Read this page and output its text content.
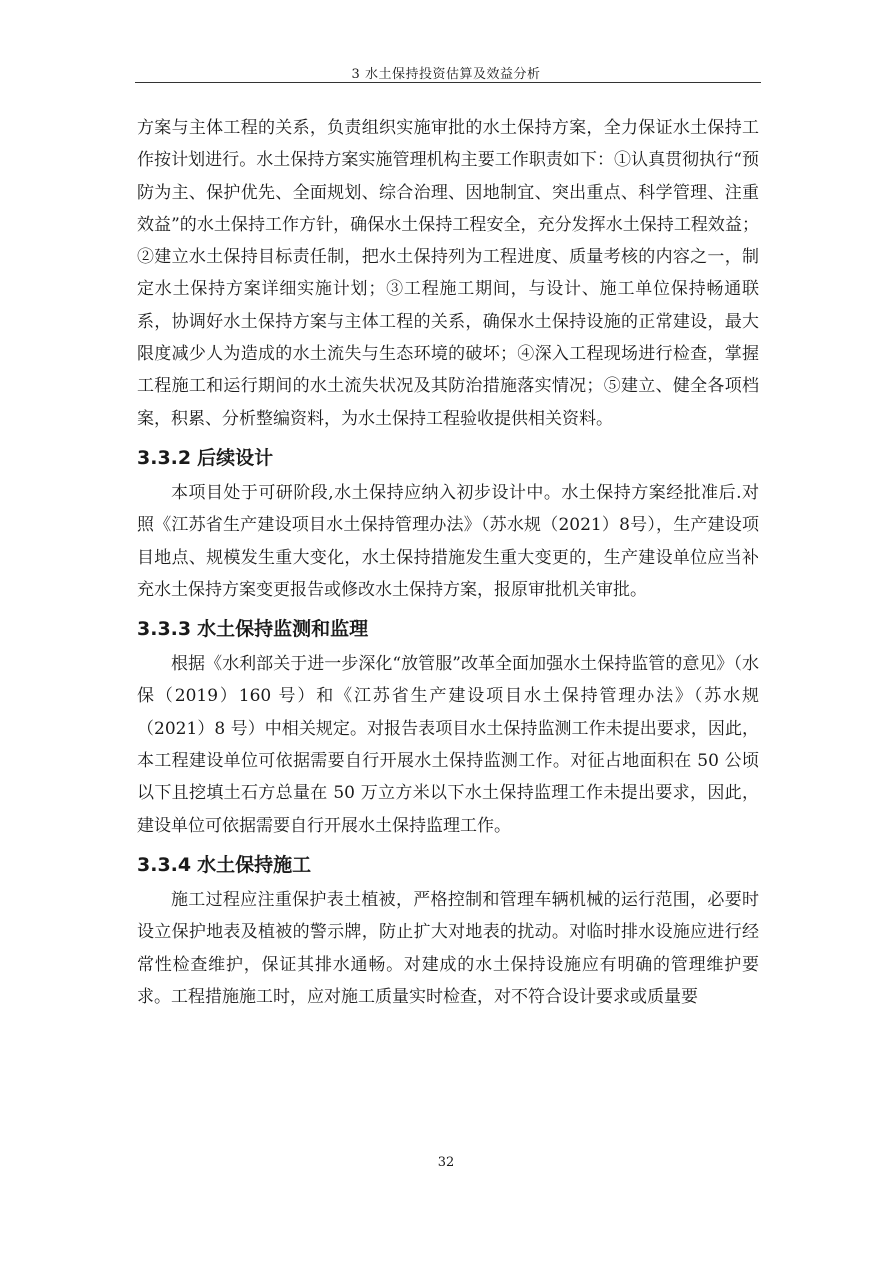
3 水土保持投资估算及效益分析

方案与主体工程的关系，负责组织实施审批的水土保持方案，全力保证水土保持工作按计划进行。水土保持方案实施管理机构主要工作职责如下：①认真贯彻执行“预防为主、保护优先、全面规划、综合治理、因地制宜、突出重点、科学管理、注重效益”的水土保持工作方针，确保水土保持工程安全，充分发挥水土保持工程效益；②建立水土保持目标责任制，把水土保持列为工程进度、质量考核的内容之一，制定水土保持方案详细实施计划；③工程施工期间，与设计、施工单位保持畅通联系，协调好水土保持方案与主体工程的关系，确保水土保持设施的正常建设，最大限度减少人为造成的水土流失与生态环境的破坏；④深入工程现场进行检查，掌握工程施工和运行期间的水土流失状况及其防治措施落实情况；⑤建立、健全各项档案，积累、分析整编资料，为水土保持工程验收提供相关资料。

3.3.2 后续设计

本项目处于可研阶段,水土保持应纳入初步设计中。水土保持方案经批准后.对照《江苏省生产建设项目水土保持管理办法》（苏水规（2021）8号），生产建设项目地点、规模发生重大变化，水土保持措施发生重大变更的，生产建设单位应当补充水土保持方案变更报告或修改水土保持方案，报原审批机关审批。

3.3.3 水土保持监测和监理

根据《水利部关于进一步深化“放管服”改革全面加强水土保持监管的意见》（水保（2019）160 号）和《江苏省生产建设项目水土保持管理办法》（苏水规（2021）8 号）中相关规定。对报告表项目水土保持监测工作未提出要求，因此，本工程建设单位可依据需要自行开展水土保持监测工作。对征占地面积在 50 公顷以下且挖填土石方总量在 50 万立方米以下水土保持监理工作未提出要求，因此，建设单位可依据需要自行开展水土保持监理工作。

3.3.4 水土保持施工

施工过程应注重保护表土植被，严格控制和管理车辆机械的运行范围，必要时设立保护地表及植被的警示牌，防止扩大对地表的扰动。对临时排水设施应进行经常性检查维护，保证其排水通畅。对建成的水土保持设施应有明确的管理维护要求。工程措施施工时，应对施工质量实时检查，对不符合设计要求或质量要

32
